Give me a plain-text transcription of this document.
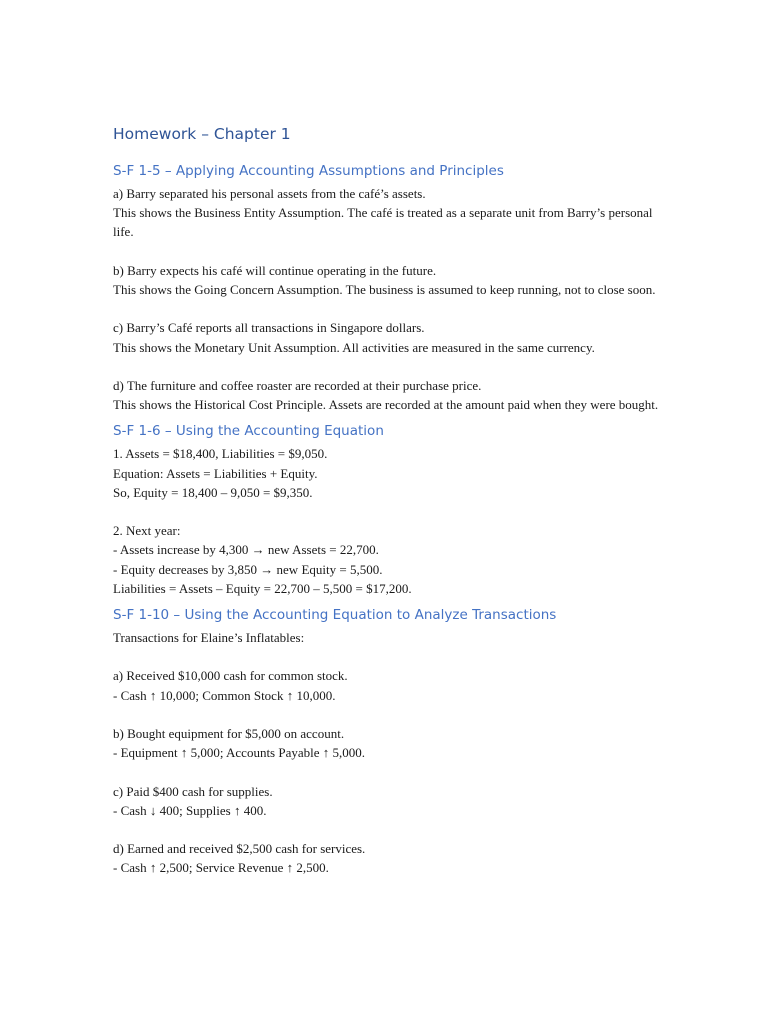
Homework – Chapter 1
S-F 1-5 – Applying Accounting Assumptions and Principles

a) Barry separated his personal assets from the café’s assets.
This shows the Business Entity Assumption. The café is treated as a separate unit from Barry’s personal life.

b) Barry expects his café will continue operating in the future.
This shows the Going Concern Assumption. The business is assumed to keep running, not to close soon.

c) Barry’s Café reports all transactions in Singapore dollars.
This shows the Monetary Unit Assumption. All activities are measured in the same currency.

d) The furniture and coffee roaster are recorded at their purchase price.
This shows the Historical Cost Principle. Assets are recorded at the amount paid when they were bought.

S-F 1-6 – Using the Accounting Equation

1. Assets = $18,400, Liabilities = $9,050.
Equation: Assets = Liabilities + Equity.
So, Equity = 18,400 – 9,050 = $9,350.

2. Next year:
- Assets increase by 4,300 → new Assets = 22,700.
- Equity decreases by 3,850 → new Equity = 5,500.
Liabilities = Assets – Equity = 22,700 – 5,500 = $17,200.

S-F 1-10 – Using the Accounting Equation to Analyze Transactions

Transactions for Elaine’s Inflatables:

a) Received $10,000 cash for common stock.
- Cash ↑ 10,000; Common Stock ↑ 10,000.

b) Bought equipment for $5,000 on account.
- Equipment ↑ 5,000; Accounts Payable ↑ 5,000.

c) Paid $400 cash for supplies.
- Cash ↓ 400; Supplies ↑ 400.

d) Earned and received $2,500 cash for services.
- Cash ↑ 2,500; Service Revenue ↑ 2,500.
